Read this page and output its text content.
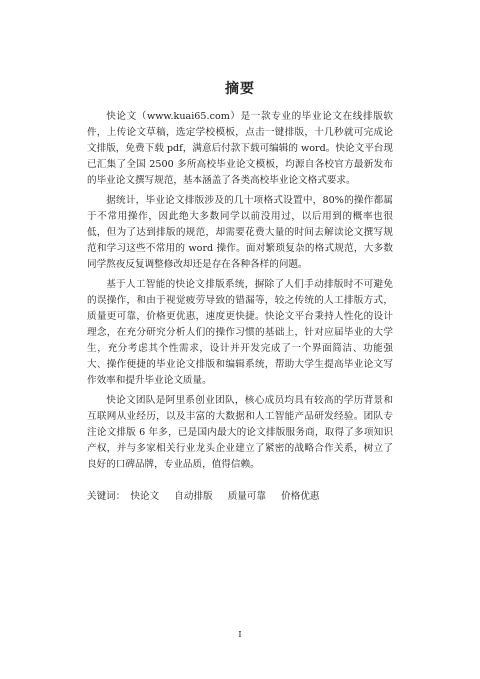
摘要

快论文（www.kuai65.com）是一款专业的毕业论文在线排版软件，上传论文草稿，选定学校模板，点击一键排版，十几秒就可完成论文排版，免费下载 pdf，满意后付款下载可编辑的 word。快论文平台现已汇集了全国 2500 多所高校毕业论文模板，均源自各校官方最新发布的毕业论文撰写规范，基本涵盖了各类高校毕业论文格式要求。

据统计，毕业论文排版涉及的几十项格式设置中，80%的操作都属于不常用操作，因此绝大多数同学以前没用过，以后用到的概率也很低，但为了达到排版的规范，却需要花费大量的时间去解读论文撰写规范和学习这些不常用的 word 操作。面对繁琐复杂的格式规范，大多数同学熬夜反复调整修改却还是存在各种各样的问题。

基于人工智能的快论文排版系统，摒除了人们手动排版时不可避免的误操作，和由于视觉疲劳导致的错漏等，较之传统的人工排版方式，质量更可靠，价格更优惠，速度更快捷。快论文平台秉持人性化的设计理念，在充分研究分析人们的操作习惯的基础上，针对应届毕业的大学生，充分考虑其个性需求，设计并开发完成了一个界面简洁、功能强大、操作便捷的毕业论文排版和编辑系统，帮助大学生提高毕业论文写作效率和提升毕业论文质量。

快论文团队是阿里系创业团队，核心成员均具有较高的学历背景和互联网从业经历，以及丰富的大数据和人工智能产品研发经验。团队专注论文排版 6 年多，已是国内最大的论文排版服务商，取得了多项知识产权，并与多家相关行业龙头企业建立了紧密的战略合作关系，树立了良好的口碑品牌，专业品质，值得信赖。

关键词： 快论文 自动排版 质量可靠 价格优惠
I
